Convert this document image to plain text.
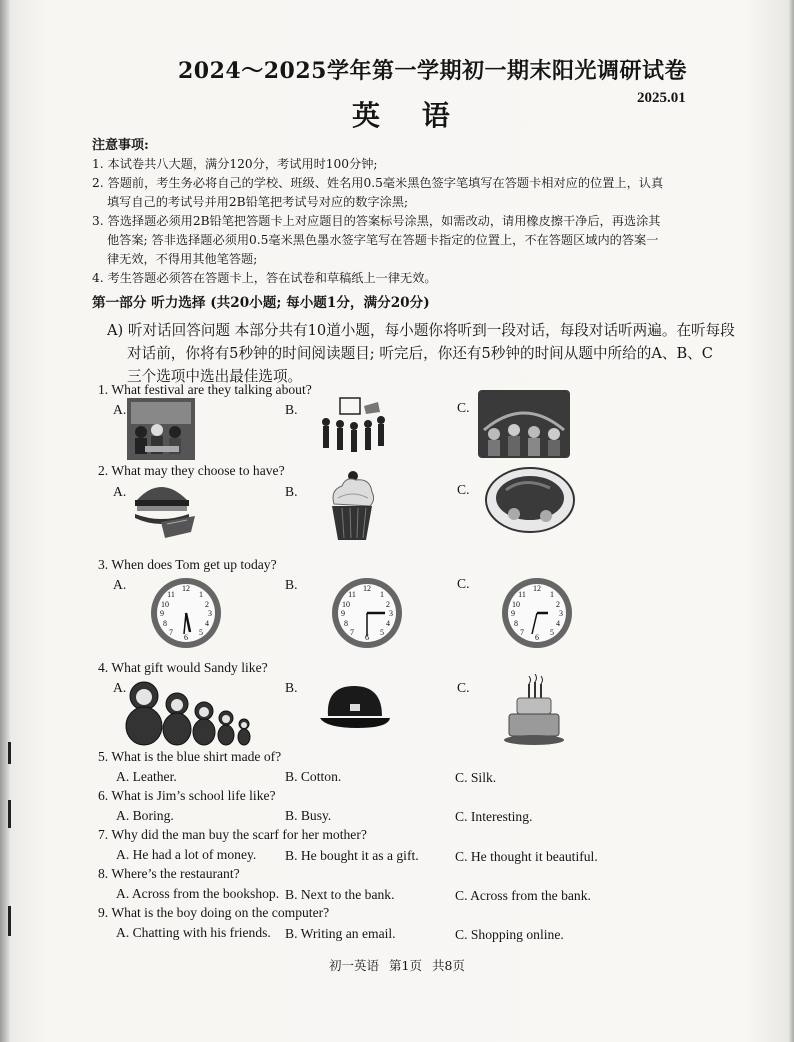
2024～2025学年第一学期初一期末阳光调研试卷
英 语
2025.01
注意事项:
1. 本试卷共八大题，满分120分，考试用时100分钟;
2. 答题前，考生务必将自己的学校、班级、姓名用0.5毫米黑色签字笔填写在答题卡相对应的位置上，认真
填写自己的考试号并用2B铅笔把考试号对应的数字涂黑;
3. 答选择题必须用2B铅笔把答题卡上对应题目的答案标号涂黑，如需改动，请用橡皮擦干净后，再选涂其
他答案; 答非选择题必须用0.5毫米黑色墨水签字笔写在答题卡指定的位置上，不在答题区域内的答案一
律无效，不得用其他笔答题;
4. 考生答题必须答在答题卡上，答在试卷和草稿纸上一律无效。
第一部分 听力选择 (共20小题; 每小题1分，满分20分)
A) 听对话回答问题 本部分共有10道小题，每小题你将听到一段对话，每段对话听两遍。在听每段
对话前，你将有5秒钟的时间阅读题目; 听完后，你还有5秒钟的时间从题中所给的A、B、C
三个选项中选出最佳选项。
1. What festival are they talking about?
A.	B.	C.
2. What may they choose to have?
A.	B.	C.
3. When does Tom get up today?
A.	B.	C.
12
1
2
3
4
5
6
7
8
9
10
11
12
1
2
3
4
5
6
7
8
9
10
11
12
1
2
3
4
5
6
7
8
9
10
11
4. What gift would Sandy like?
A.	B.	C.
5. What is the blue shirt made of?
A. Leather.	B. Cotton.	C. Silk.
6. What is Jim’s school life like?
A. Boring.	B. Busy.	C. Interesting.
7. Why did the man buy the scarf for her mother?
A. He had a lot of money. B. He bought it as a gift.	C. He thought it beautiful.
8. Where’s the restaurant?
A. Across from the bookshop. B. Next to the bank.	C. Across from the bank.
9. What is the boy doing on the computer?
A. Chatting with his friends. B. Writing an email.	C. Shopping online.
初一英语 第1页 共8页
